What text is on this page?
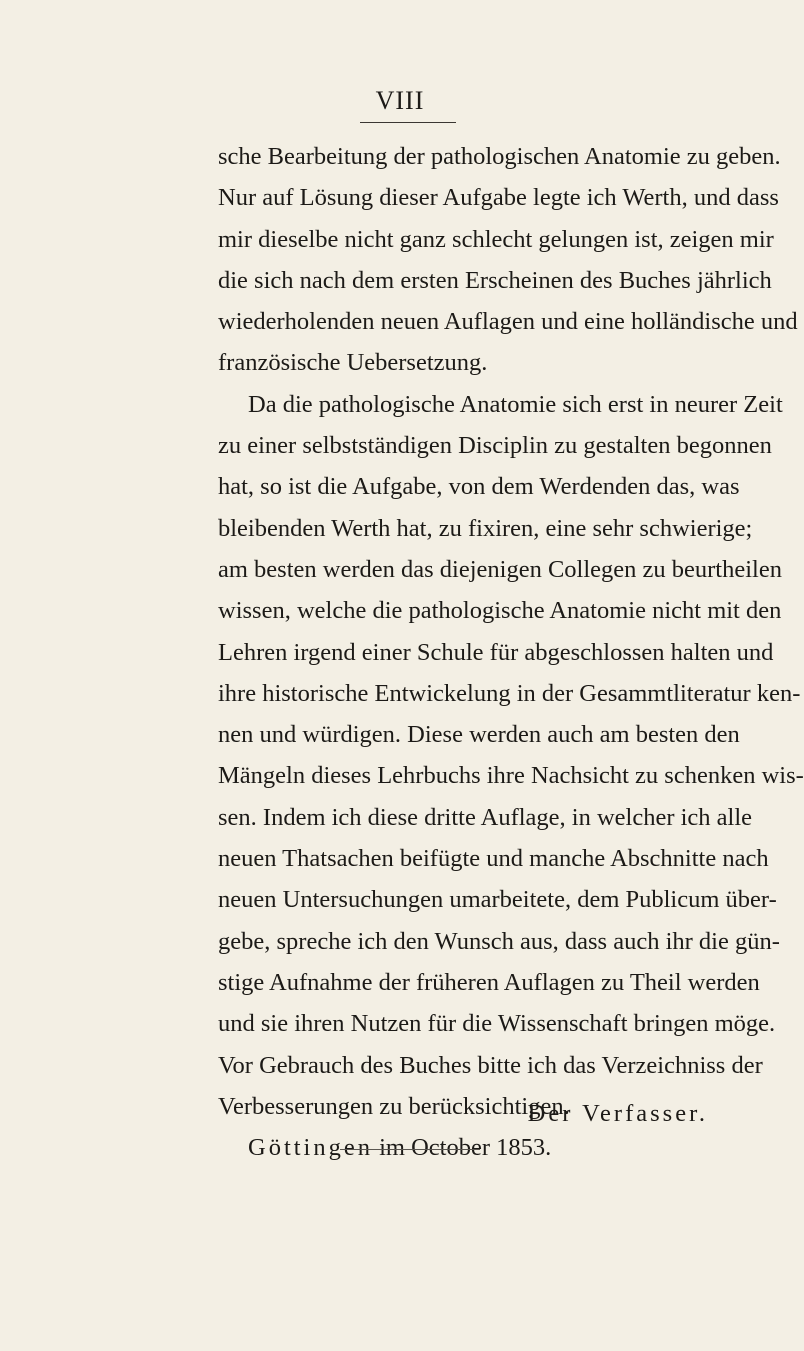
VIII
sche Bearbeitung der pathologischen Anatomie zu geben.
Nur auf Lösung dieser Aufgabe legte ich Werth, und dass
mir dieselbe nicht ganz schlecht gelungen ist, zeigen mir
die sich nach dem ersten Erscheinen des Buches jährlich
wiederholenden neuen Auflagen und eine holländische und
französische Uebersetzung.
Da die pathologische Anatomie sich erst in neurer Zeit
zu einer selbstständigen Disciplin zu gestalten begonnen
hat, so ist die Aufgabe, von dem Werdenden das, was
bleibenden Werth hat, zu fixiren, eine sehr schwierige;
am besten werden das diejenigen Collegen zu beurtheilen
wissen, welche die pathologische Anatomie nicht mit den
Lehren irgend einer Schule für abgeschlossen halten und
ihre historische Entwickelung in der Gesammtliteratur ken-
nen und würdigen. Diese werden auch am besten den
Mängeln dieses Lehrbuchs ihre Nachsicht zu schenken wis-
sen. Indem ich diese dritte Auflage, in welcher ich alle
neuen Thatsachen beifügte und manche Abschnitte nach
neuen Untersuchungen umarbeitete, dem Publicum über-
gebe, spreche ich den Wunsch aus, dass auch ihr die gün-
stige Aufnahme der früheren Auflagen zu Theil werden
und sie ihren Nutzen für die Wissenschaft bringen möge.
Vor Gebrauch des Buches bitte ich das Verzeichniss der
Verbesserungen zu berücksichtigen.
Göttingen im October 1853.
Der Verfasser.
